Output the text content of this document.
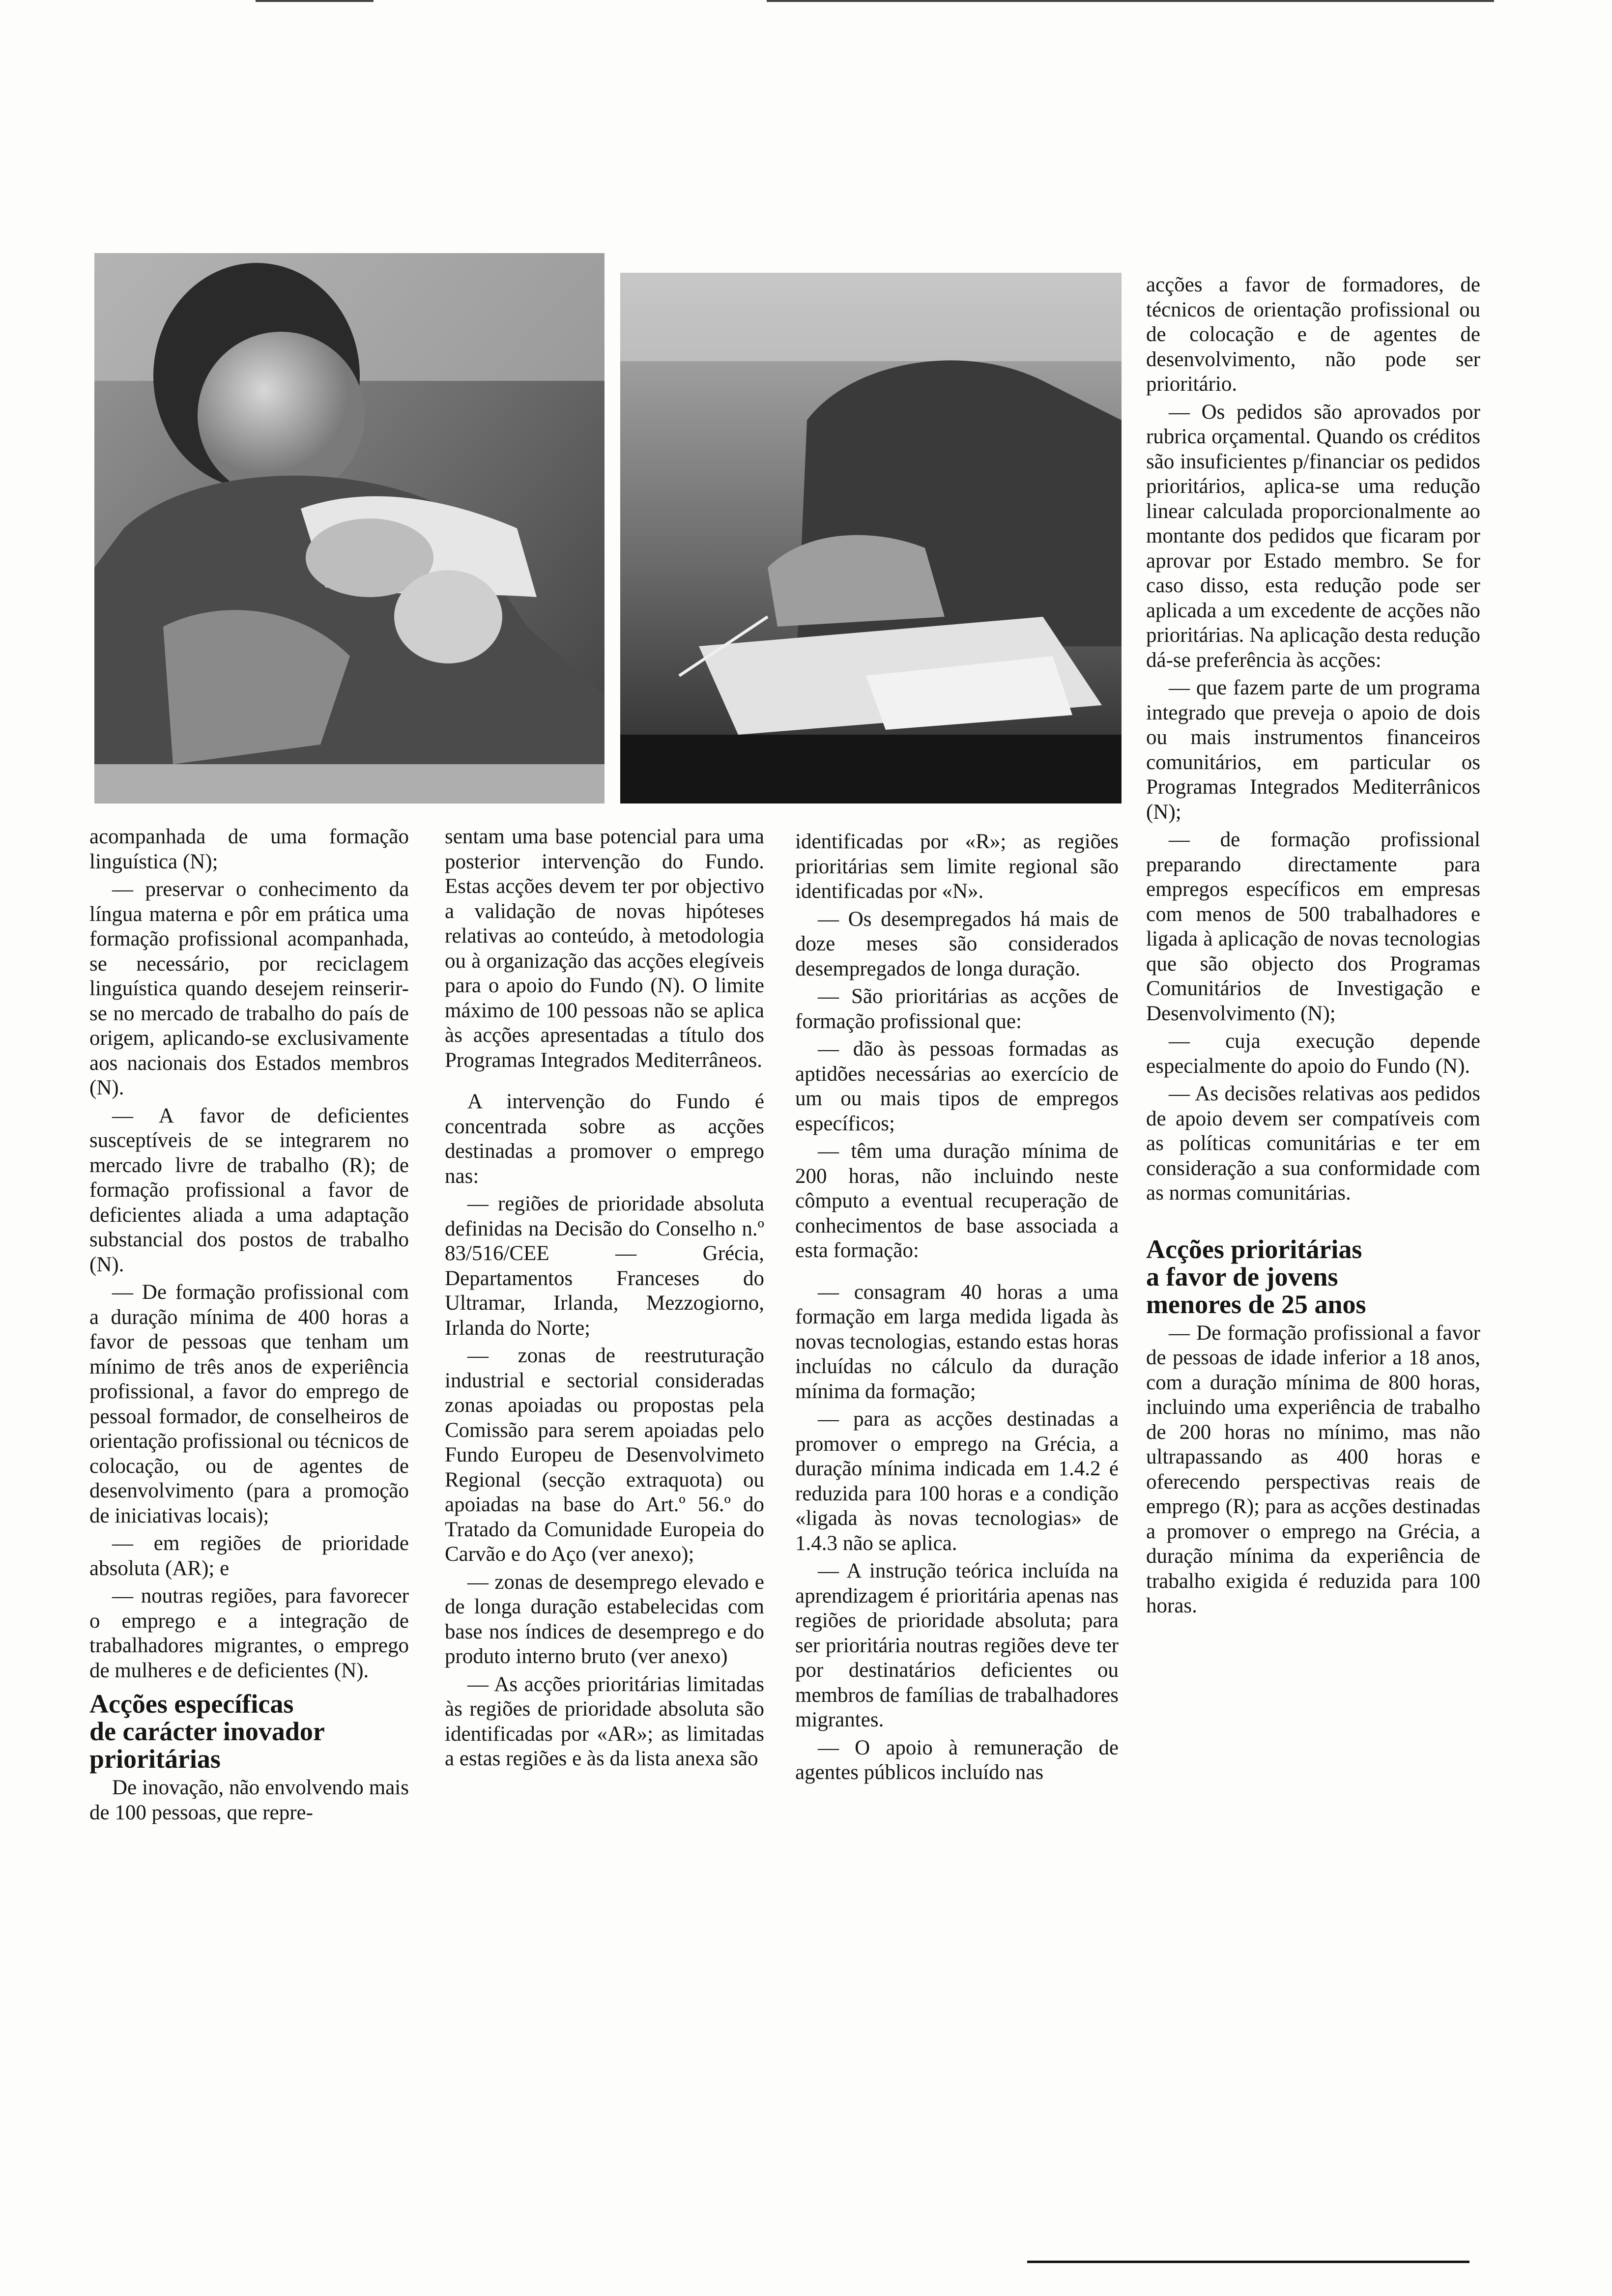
acompanhada de uma formação linguística (N);

— preservar o conhecimento da língua materna e pôr em prática uma formação profissional acompanhada, se necessário, por reciclagem linguística quando desejem reinserir-se no mercado de trabalho do país de origem, aplicando-se exclusivamente aos nacionais dos Estados membros (N).

— A favor de deficientes susceptíveis de se integrarem no mercado livre de trabalho (R); de formação profissional a favor de deficientes aliada a uma adaptação substancial dos postos de trabalho (N).

— De formação profissional com a duração mínima de 400 horas a favor de pessoas que tenham um mínimo de três anos de experiência profissional, a favor do emprego de pessoal formador, de conselheiros de orientação profissional ou técnicos de colocação, ou de agentes de desenvolvimento (para a promoção de iniciativas locais);

— em regiões de prioridade absoluta (AR); e

— noutras regiões, para favorecer o emprego e a integração de trabalhadores migrantes, o emprego de mulheres e de deficientes (N).

Acções específicas
de carácter inovador
prioritárias

De inovação, não envolvendo mais de 100 pessoas, que repre-

sentam uma base potencial para uma posterior intervenção do Fundo. Estas acções devem ter por objectivo a validação de novas hipóteses relativas ao conteúdo, à metodologia ou à organização das acções elegíveis para o apoio do Fundo (N). O limite máximo de 100 pessoas não se aplica às acções apresentadas a título dos Programas Integrados Mediterrâneos.

A intervenção do Fundo é concentrada sobre as acções destinadas a promover o emprego nas:

— regiões de prioridade absoluta definidas na Decisão do Conselho n.º 83/516/CEE — Grécia, Departamentos Franceses do Ultramar, Irlanda, Mezzogiorno, Irlanda do Norte;

— zonas de reestruturação industrial e sectorial consideradas zonas apoiadas ou propostas pela Comissão para serem apoiadas pelo Fundo Europeu de Desenvolvimeto Regional (secção extraquota) ou apoiadas na base do Art.º 56.º do Tratado da Comunidade Europeia do Carvão e do Aço (ver anexo);

— zonas de desemprego elevado e de longa duração estabelecidas com base nos índices de desemprego e do produto interno bruto (ver anexo)

— As acções prioritárias limitadas às regiões de prioridade absoluta são identificadas por «AR»; as limitadas a estas regiões e às da lista anexa são

identificadas por «R»; as regiões prioritárias sem limite regional são identificadas por «N».

— Os desempregados há mais de doze meses são considerados desempregados de longa duração.

— São prioritárias as acções de formação profissional que:

— dão às pessoas formadas as aptidões necessárias ao exercício de um ou mais tipos de empregos específicos;

— têm uma duração mínima de 200 horas, não incluindo neste cômputo a eventual recuperação de conhecimentos de base associada a esta formação:

— consagram 40 horas a uma formação em larga medida ligada às novas tecnologias, estando estas horas incluídas no cálculo da duração mínima da formação;

— para as acções destinadas a promover o emprego na Grécia, a duração mínima indicada em 1.4.2 é reduzida para 100 horas e a condição «ligada às novas tecnologias» de 1.4.3 não se aplica.

— A instrução teórica incluída na aprendizagem é prioritária apenas nas regiões de prioridade absoluta; para ser prioritária noutras regiões deve ter por destinatários deficientes ou membros de famílias de trabalhadores migrantes.

— O apoio à remuneração de agentes públicos incluído nas

acções a favor de formadores, de técnicos de orientação profissional ou de colocação e de agentes de desenvolvimento, não pode ser prioritário.

— Os pedidos são aprovados por rubrica orçamental. Quando os créditos são insuficientes p/financiar os pedidos prioritários, aplica-se uma redução linear calculada proporcionalmente ao montante dos pedidos que ficaram por aprovar por Estado membro. Se for caso disso, esta redução pode ser aplicada a um excedente de acções não prioritárias. Na aplicação desta redução dá-se preferência às acções:

— que fazem parte de um programa integrado que preveja o apoio de dois ou mais instrumentos financeiros comunitários, em particular os Programas Integrados Mediterrânicos (N);

— de formação profissional preparando directamente para empregos específicos em empresas com menos de 500 trabalhadores e ligada à aplicação de novas tecnologias que são objecto dos Programas Comunitários de Investigação e Desenvolvimento (N);

— cuja execução depende especialmente do apoio do Fundo (N).

— As decisões relativas aos pedidos de apoio devem ser compatíveis com as políticas comunitárias e ter em consideração a sua conformidade com as normas comunitárias.

Acções prioritárias
a favor de jovens
menores de 25 anos

— De formação profissional a favor de pessoas de idade inferior a 18 anos, com a duração mínima de 800 horas, incluindo uma experiência de trabalho de 200 horas no mínimo, mas não ultrapassando as 400 horas e oferecendo perspectivas reais de emprego (R); para as acções destinadas a promover o emprego na Grécia, a duração mínima da experiência de trabalho exigida é reduzida para 100 horas.
